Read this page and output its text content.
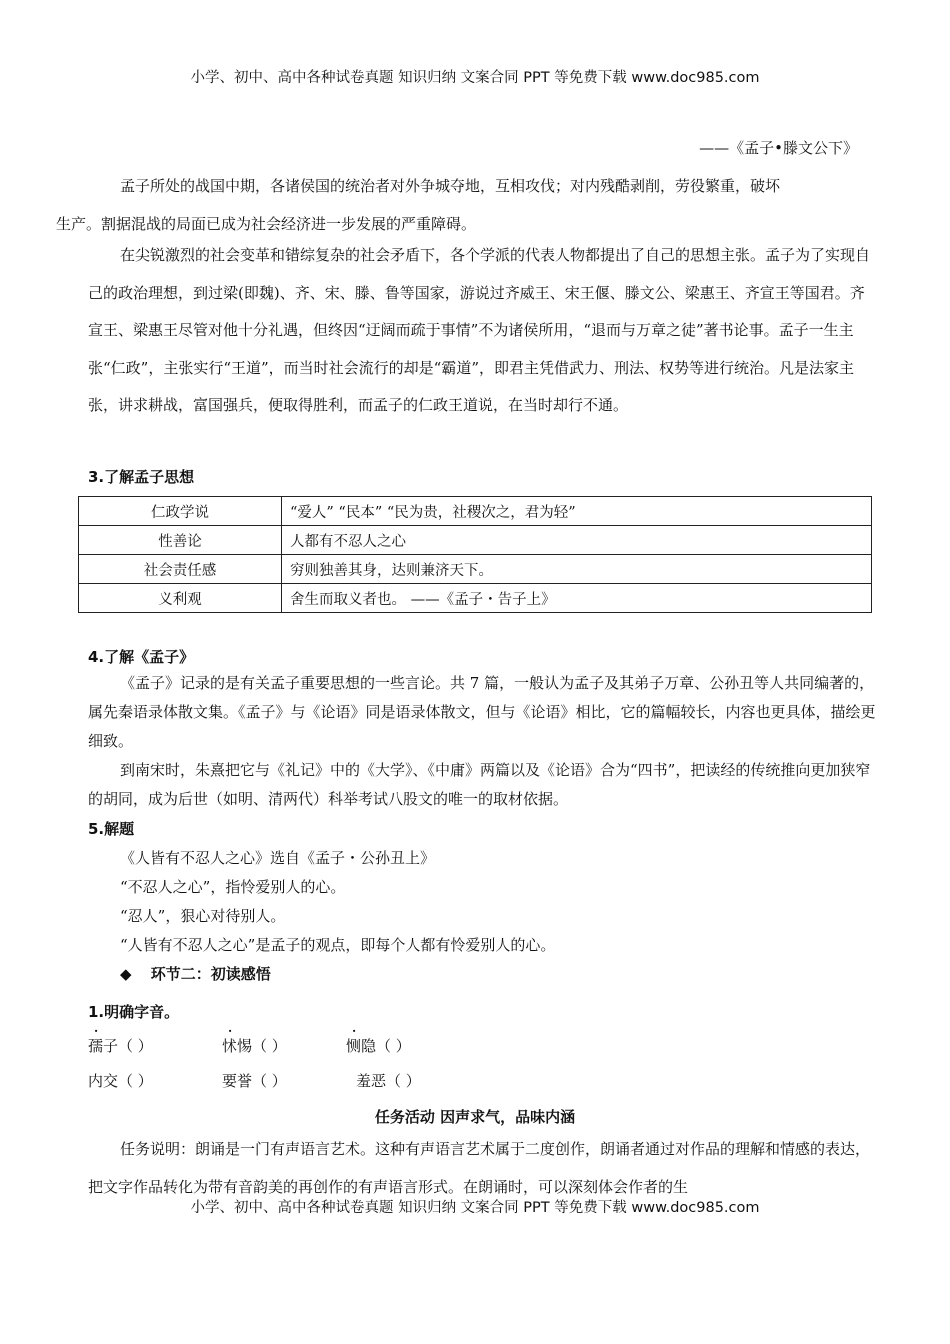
小学、初中、高中各种试卷真题 知识归纳 文案合同 PPT 等免费下载 www.doc985.com
——《孟子•滕文公下》
孟子所处的战国中期，各诸侯国的统治者对外争城夺地，互相攻伐；对内残酷剥削，劳役繁重，破坏
生产。割据混战的局面已成为社会经济进一步发展的严重障碍。
在尖锐激烈的社会变革和错综复杂的社会矛盾下，各个学派的代表人物都提出了自己的思想主张。孟子为了实现自己的政治理想，到过梁(即魏)、齐、宋、滕、鲁等国家，游说过齐威王、宋王偃、滕文公、梁惠王、齐宣王等国君。齐宣王、梁惠王尽管对他十分礼遇，但终因“迂阔而疏于事情”不为诸侯所用，“退而与万章之徒”著书论事。孟子一生主张“仁政”，主张实行“王道”，而当时社会流行的却是“霸道”，即君主凭借武力、刑法、权势等进行统治。凡是法家主张，讲求耕战，富国强兵，便取得胜利，而孟子的仁政王道说，在当时却行不通。
3.了解孟子思想
仁政学说	“爱人” “民本” “民为贵，社稷次之，君为轻”
性善论	人都有不忍人之心
社会责任感	穷则独善其身，达则兼济天下。
义利观	舍生而取义者也。 ——《孟子・告子上》
4.了解《孟子》
《孟子》记录的是有关孟子重要思想的一些言论。共 7 篇，一般认为孟子及其弟子万章、公孙丑等人共同编著的，属先秦语录体散文集。《孟子》与《论语》同是语录体散文，但与《论语》相比，它的篇幅较长，内容也更具体，描绘更细致。
到南宋时，朱熹把它与《礼记》中的《大学》、《中庸》两篇以及《论语》合为“四书”，把读经的传统推向更加狭窄的胡同，成为后世（如明、清两代）科举考试八股文的唯一的取材依据。
5.解题
《人皆有不忍人之心》选自《孟子・公孙丑上》
“不忍人之心”，指怜爱别人的心。
“忍人”，狠心对待别人。
“人皆有不忍人之心”是孟子的观点，即每个人都有怜爱别人的心。
◆ 环节二：初读感悟
1.明确字音。
. 孺子（ ）	. 怵惕（ ）	. 恻隐（ ）
内交（ ）	要誉（ ）	羞恶（ ）
任务活动 因声求气，品味内涵
任务说明：朗诵是一门有声语言艺术。这种有声语言艺术属于二度创作，朗诵者通过对作品的理解和情感的表达，把文字作品转化为带有音韵美的再创作的有声语言形式。在朗诵时，可以深刻体会作者的生
小学、初中、高中各种试卷真题 知识归纳 文案合同 PPT 等免费下载 www.doc985.com
